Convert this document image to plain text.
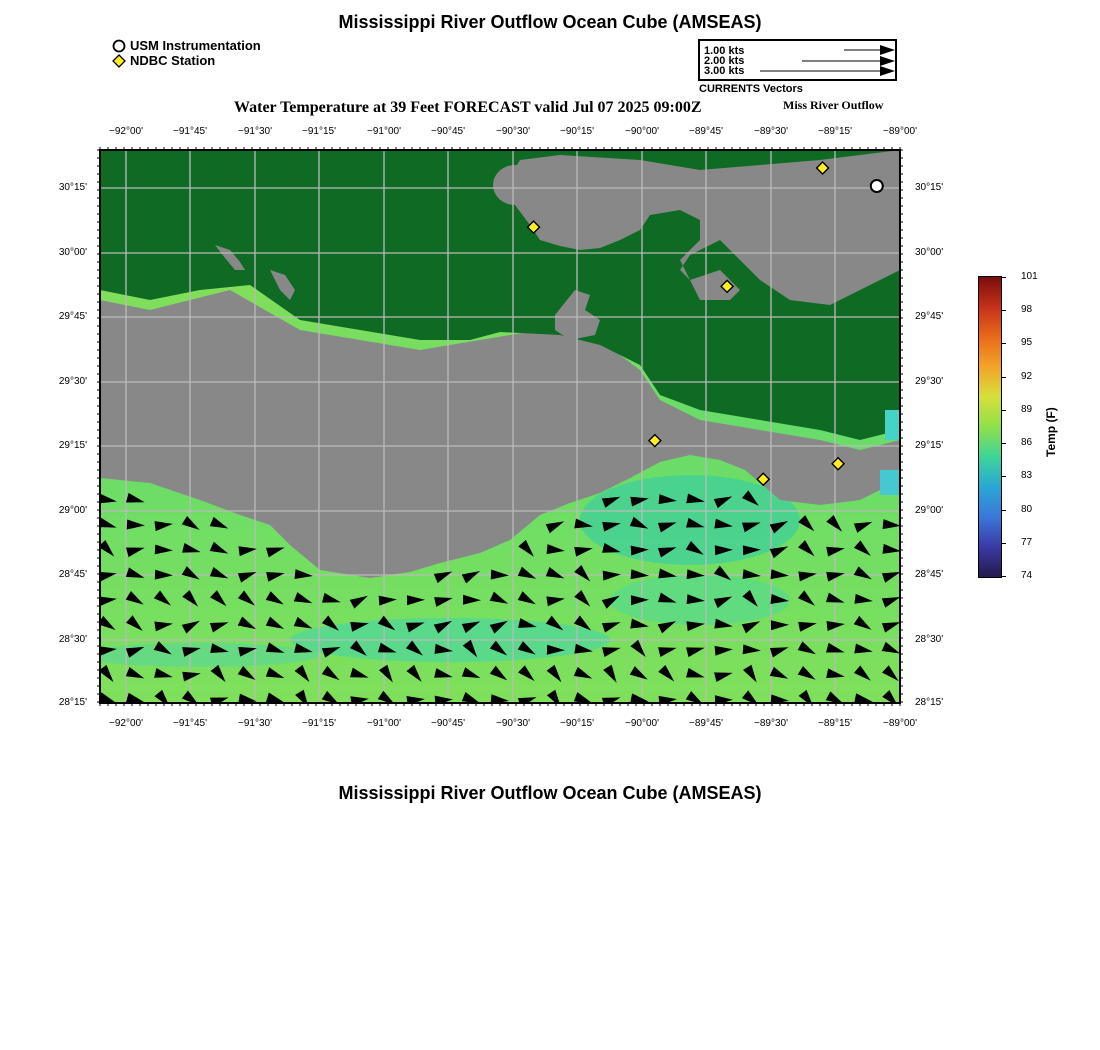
Mississippi River Outflow Ocean Cube (AMSEAS)
USM Instrumentation
NDBC Station
1.00 kts
2.00 kts
3.00 kts
CURRENTS Vectors
Water Temperature at 39 Feet FORECAST valid Jul 07 2025 09:00Z	Miss River Outflow
−92°00'	−91°45'	−91°30'	−91°15'	−91°00'	−90°45'	−90°30'	−90°15'	−90°00'	−89°45'	−89°30'	−89°15'	−89°00'
−92°00'	−91°45'	−91°30'	−91°15'	−91°00'	−90°45'	−90°30'	−90°15'	−90°00'	−89°45'	−89°30'	−89°15'	−89°00'
30°15'
30°00'
29°45'
29°30'
29°15'
29°00'
28°45'
28°30'
28°15'
30°15'
30°00'
29°45'
29°30'
29°15'
29°00'
28°45'
28°30'
28°15'
101
98
95
92
89
86
83
80
77
74
Temp (F)
Mississippi River Outflow Ocean Cube (AMSEAS)
